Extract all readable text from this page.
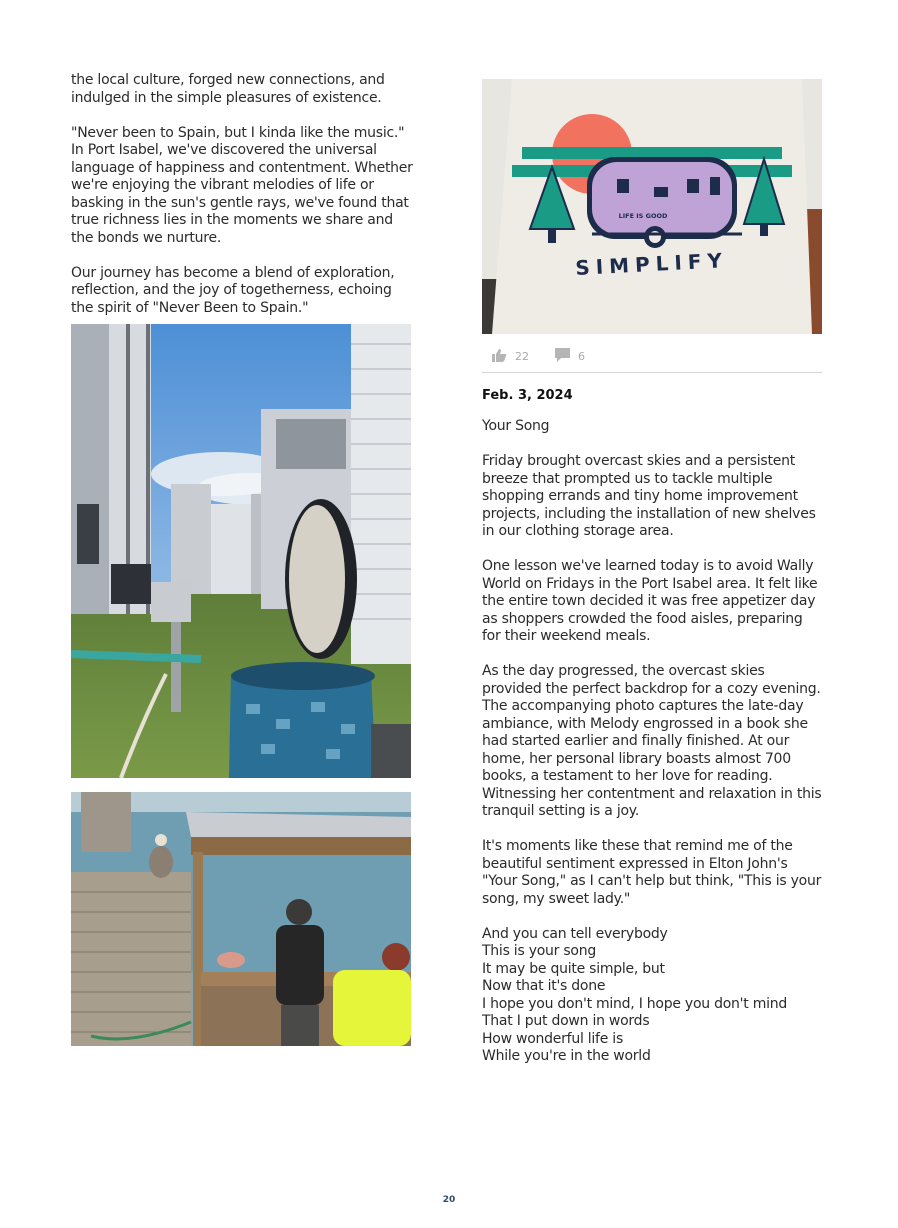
the local culture, forged new connections, and indulged in the simple pleasures of existence.

"Never been to Spain, but I kinda like the music." In Port Isabel, we've discovered the universal language of happiness and contentment. Whether we're enjoying the vibrant melodies of life or basking in the sun's gentle rays, we've found that true richness lies in the moments we share and the bonds we nurture.

Our journey has become a blend of exploration, reflection, and the joy of togetherness, echoing the spirit of "Never Been to Spain."

LIFE IS GOOD
SIMPLIFY
22	6
Feb. 3, 2024

Your Song

Friday brought overcast skies and a persistent breeze that prompted us to tackle multiple shopping errands and tiny home improvement projects, including the installation of new shelves in our clothing storage area.

One lesson we've learned today is to avoid Wally World on Fridays in the Port Isabel area. It felt like the entire town decided it was free appetizer day as shoppers crowded the food aisles, preparing for their weekend meals.

As the day progressed, the overcast skies provided the perfect backdrop for a cozy evening. The accompanying photo captures the late-day ambiance, with Melody engrossed in a book she had started earlier and finally finished. At our home, her personal library boasts almost 700 books, a testament to her love for reading. Witnessing her contentment and relaxation in this tranquil setting is a joy.

It's moments like these that remind me of the beautiful sentiment expressed in Elton John's "Your Song," as I can't help but think, "This is your song, my sweet lady."

And you can tell everybody

This is your song

It may be quite simple, but

Now that it's done

I hope you don't mind, I hope you don't mind

That I put down in words

How wonderful life is

While you're in the world

20
